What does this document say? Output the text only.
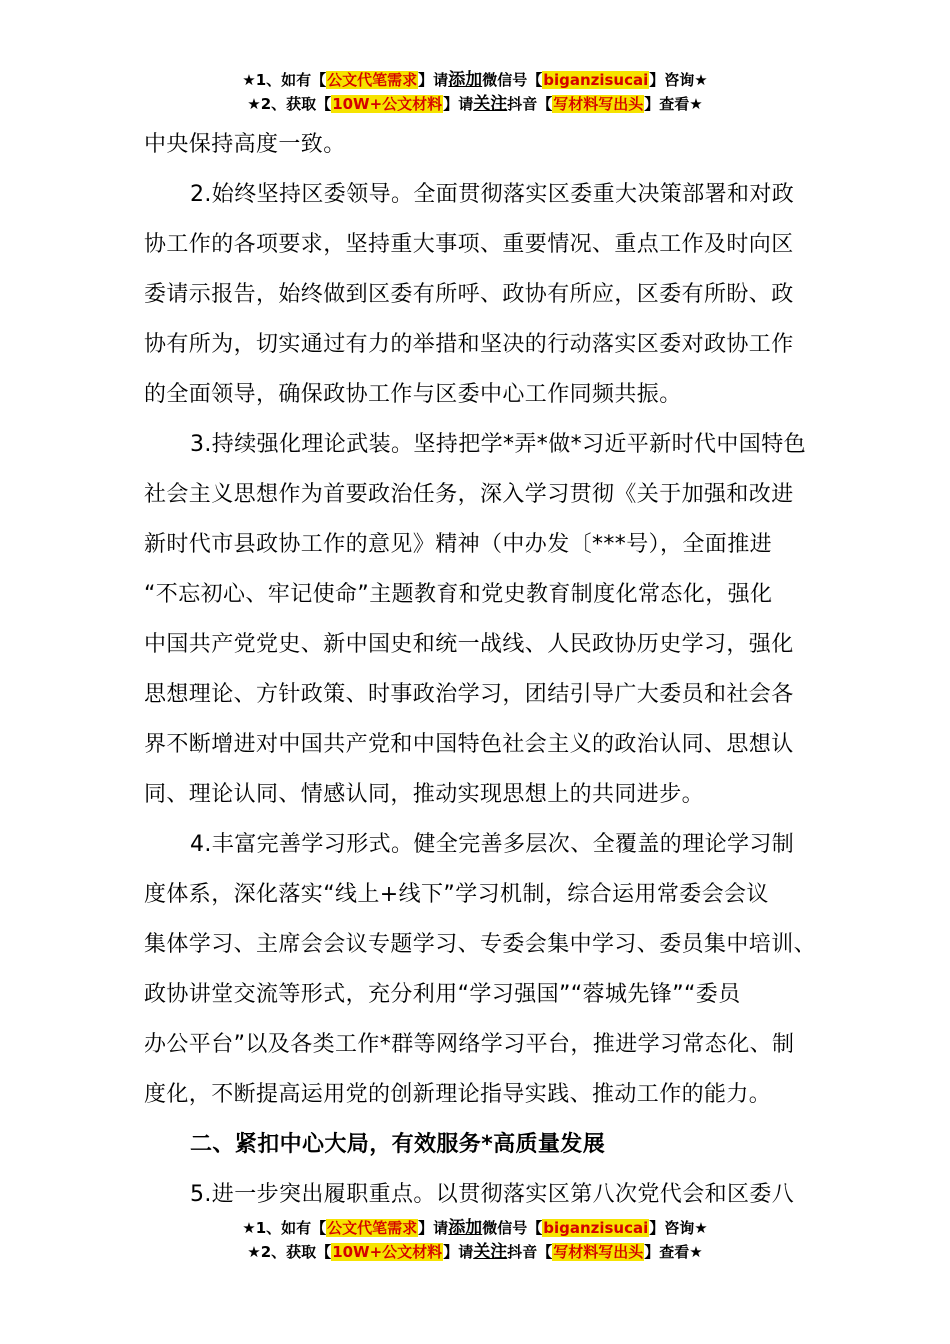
★1、如有【公文代笔需求】请添加微信号【biganzisucai】咨询★
★2、获取【10W+公文材料】请关注抖音【写材料写出头】查看★
中央保持高度一致。
2.始终坚持区委领导。全面贯彻落实区委重大决策部署和对政
协工作的各项要求，坚持重大事项、重要情况、重点工作及时向区
委请示报告，始终做到区委有所呼、政协有所应，区委有所盼、政
协有所为，切实通过有力的举措和坚决的行动落实区委对政协工作
的全面领导，确保政协工作与区委中心工作同频共振。
3.持续强化理论武装。坚持把学*弄*做*习近平新时代中国特色
社会主义思想作为首要政治任务，深入学习贯彻《关于加强和改进
新时代市县政协工作的意见》精神（中办发〔***号），全面推进
“不忘初心、牢记使命”主题教育和党史教育制度化常态化，强化
中国共产党党史、新中国史和统一战线、人民政协历史学习，强化
思想理论、方针政策、时事政治学习，团结引导广大委员和社会各
界不断增进对中国共产党和中国特色社会主义的政治认同、思想认
同、理论认同、情感认同，推动实现思想上的共同进步。
4.丰富完善学习形式。健全完善多层次、全覆盖的理论学习制
度体系，深化落实“线上+线下”学习机制，综合运用常委会会议
集体学习、主席会会议专题学习、专委会集中学习、委员集中培训、
政协讲堂交流等形式，充分利用“学习强国”“蓉城先锋”“委员
办公平台”以及各类工作*群等网络学习平台，推进学习常态化、制
度化，不断提高运用党的创新理论指导实践、推动工作的能力。
二、紧扣中心大局，有效服务*高质量发展
5.进一步突出履职重点。以贯彻落实区第八次党代会和区委八
★1、如有【公文代笔需求】请添加微信号【biganzisucai】咨询★
★2、获取【10W+公文材料】请关注抖音【写材料写出头】查看★
